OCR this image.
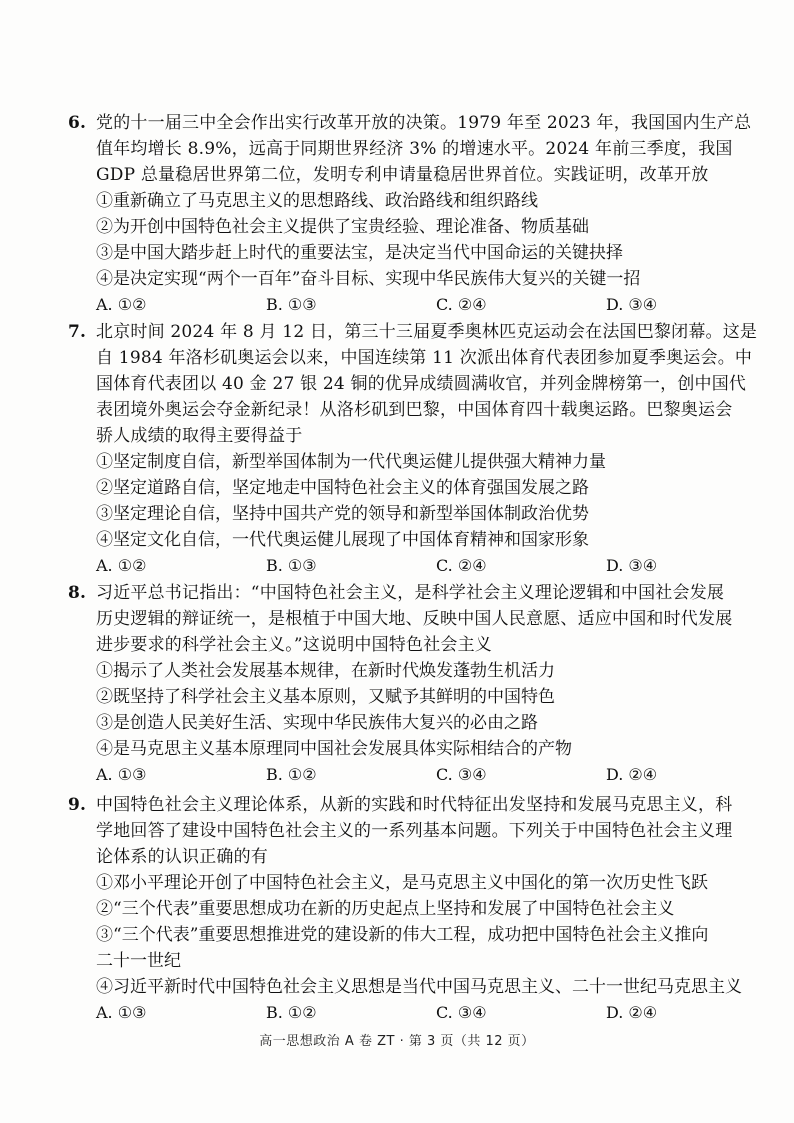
6. 党的十一届三中全会作出实行改革开放的决策。1979 年至 2023 年，我国国内生产总
值年均增长 8.9%，远高于同期世界经济 3% 的增速水平。2024 年前三季度，我国
GDP 总量稳居世界第二位，发明专利申请量稳居世界首位。实践证明，改革开放
①重新确立了马克思主义的思想路线、政治路线和组织路线
②为开创中国特色社会主义提供了宝贵经验、理论准备、物质基础
③是中国大踏步赶上时代的重要法宝，是决定当代中国命运的关键抉择
④是决定实现“两个一百年”奋斗目标、实现中华民族伟大复兴的关键一招
A. ①②	B. ①③	C. ②④	D. ③④
7. 北京时间 2024 年 8 月 12 日，第三十三届夏季奥林匹克运动会在法国巴黎闭幕。这是
自 1984 年洛杉矶奥运会以来，中国连续第 11 次派出体育代表团参加夏季奥运会。中
国体育代表团以 40 金 27 银 24 铜的优异成绩圆满收官，并列金牌榜第一，创中国代
表团境外奥运会夺金新纪录！从洛杉矶到巴黎，中国体育四十载奥运路。巴黎奥运会
骄人成绩的取得主要得益于
①坚定制度自信，新型举国体制为一代代奥运健儿提供强大精神力量
②坚定道路自信，坚定地走中国特色社会主义的体育强国发展之路
③坚定理论自信，坚持中国共产党的领导和新型举国体制政治优势
④坚定文化自信，一代代奥运健儿展现了中国体育精神和国家形象
A. ①②	B. ①③	C. ②④	D. ③④
8. 习近平总书记指出：“中国特色社会主义，是科学社会主义理论逻辑和中国社会发展
历史逻辑的辩证统一，是根植于中国大地、反映中国人民意愿、适应中国和时代发展
进步要求的科学社会主义。”这说明中国特色社会主义
①揭示了人类社会发展基本规律，在新时代焕发蓬勃生机活力
②既坚持了科学社会主义基本原则，又赋予其鲜明的中国特色
③是创造人民美好生活、实现中华民族伟大复兴的必由之路
④是马克思主义基本原理同中国社会发展具体实际相结合的产物
A. ①③	B. ①②	C. ③④	D. ②④
9. 中国特色社会主义理论体系，从新的实践和时代特征出发坚持和发展马克思主义，科
学地回答了建设中国特色社会主义的一系列基本问题。下列关于中国特色社会主义理
论体系的认识正确的有
①邓小平理论开创了中国特色社会主义，是马克思主义中国化的第一次历史性飞跃
②“三个代表”重要思想成功在新的历史起点上坚持和发展了中国特色社会主义
③“三个代表”重要思想推进党的建设新的伟大工程，成功把中国特色社会主义推向
二十一世纪
④习近平新时代中国特色社会主义思想是当代中国马克思主义、二十一世纪马克思主义
A. ①③	B. ①②	C. ③④	D. ②④
高一思想政治 A 卷 ZT · 第 3 页（共 12 页）
